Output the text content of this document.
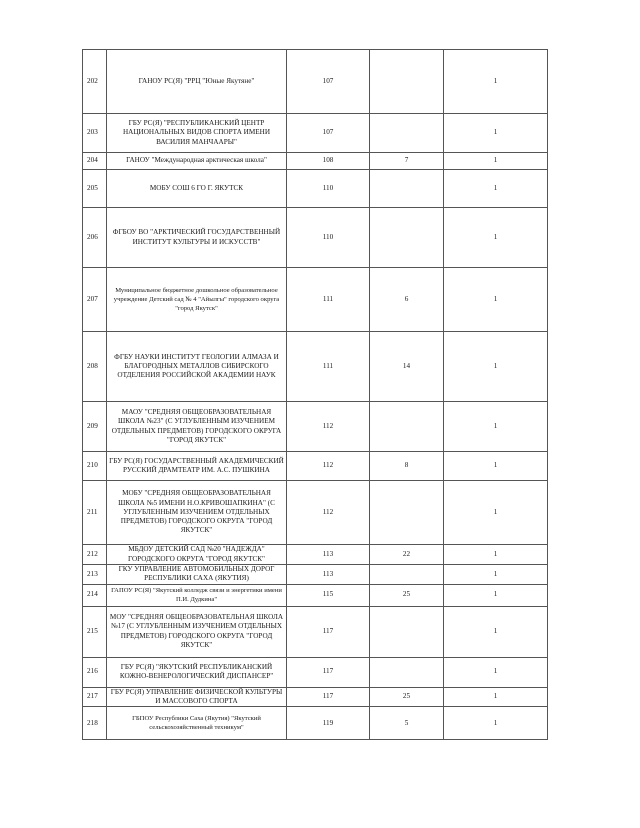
202	ГАНОУ РС(Я) "РРЦ "Юные Якутяне"	107		1
203	ГБУ РС(Я) "РЕСПУБЛИКАНСКИЙ ЦЕНТР НАЦИОНАЛЬНЫХ ВИДОВ СПОРТА ИМЕНИ ВАСИЛИЯ МАНЧААРЫ"	107		1
204	ГАНОУ "Международная арктическая школа"	108	7	1
205	МОБУ СОШ 6 ГО Г. ЯКУТСК	110		1
206	ФГБОУ ВО "АРКТИЧЕСКИЙ ГОСУДАРСТВЕННЫЙ ИНСТИТУТ КУЛЬТУРЫ И ИСКУССТВ"	110		1
207	Муниципальное бюджетное дошкольное образовательное учреждение Детский сад № 4 "Айылгы" городского округа "город Якутск"	111	6	1
208	ФГБУ НАУКИ ИНСТИТУТ ГЕОЛОГИИ АЛМАЗА И БЛАГОРОДНЫХ МЕТАЛЛОВ СИБИРСКОГО ОТДЕЛЕНИЯ РОССИЙСКОЙ АКАДЕМИИ НАУК	111	14	1
209	МАОУ "СРЕДНЯЯ ОБЩЕОБРАЗОВАТЕЛЬНАЯ ШКОЛА №23" (С УГЛУБЛЕННЫМ ИЗУЧЕНИЕМ ОТДЕЛЬНЫХ ПРЕДМЕТОВ) ГОРОДСКОГО ОКРУГА "ГОРОД ЯКУТСК"	112		1
210	ГБУ РС(Я) ГОСУДАРСТВЕННЫЙ АКАДЕМИЧЕСКИЙ РУССКИЙ ДРАМТЕАТР ИМ. А.С. ПУШКИНА	112	8	1
211	МОБУ "СРЕДНЯЯ ОБЩЕОБРАЗОВАТЕЛЬНАЯ ШКОЛА №5 ИМЕНИ Н.О.КРИВОШАПКИНА" (С УГЛУБЛЕННЫМ ИЗУЧЕНИЕМ ОТДЕЛЬНЫХ ПРЕДМЕТОВ) ГОРОДСКОГО ОКРУГА "ГОРОД ЯКУТСК"	112		1
212	МБДОУ ДЕТСКИЙ САД №20 "НАДЕЖДА" ГОРОДСКОГО ОКРУГА "ГОРОД ЯКУТСК"	113	22	1
213	ГКУ УПРАВЛЕНИЕ АВТОМОБИЛЬНЫХ ДОРОГ РЕСПУБЛИКИ САХА (ЯКУТИЯ)	113		1
214	ГАПОУ РС(Я) "Якутский колледж связи и энергетики имени П.И. Дудкина"	115	25	1
215	МОУ "СРЕДНЯЯ ОБЩЕОБРАЗОВАТЕЛЬНАЯ ШКОЛА №17 (С УГЛУБЛЕННЫМ ИЗУЧЕНИЕМ ОТДЕЛЬНЫХ ПРЕДМЕТОВ) ГОРОДСКОГО ОКРУГА "ГОРОД ЯКУТСК"	117		1
216	ГБУ РС(Я) "ЯКУТСКИЙ РЕСПУБЛИКАНСКИЙ КОЖНО-ВЕНЕРОЛОГИЧЕСКИЙ ДИСПАНСЕР"	117		1
217	ГБУ РС(Я) УПРАВЛЕНИЕ ФИЗИЧЕСКОЙ КУЛЬТУРЫ И МАССОВОГО СПОРТА	117	25	1
218	ГБПОУ Республики Саха (Якутия) "Якутский сельскохозяйственный техникум"	119	5	1
